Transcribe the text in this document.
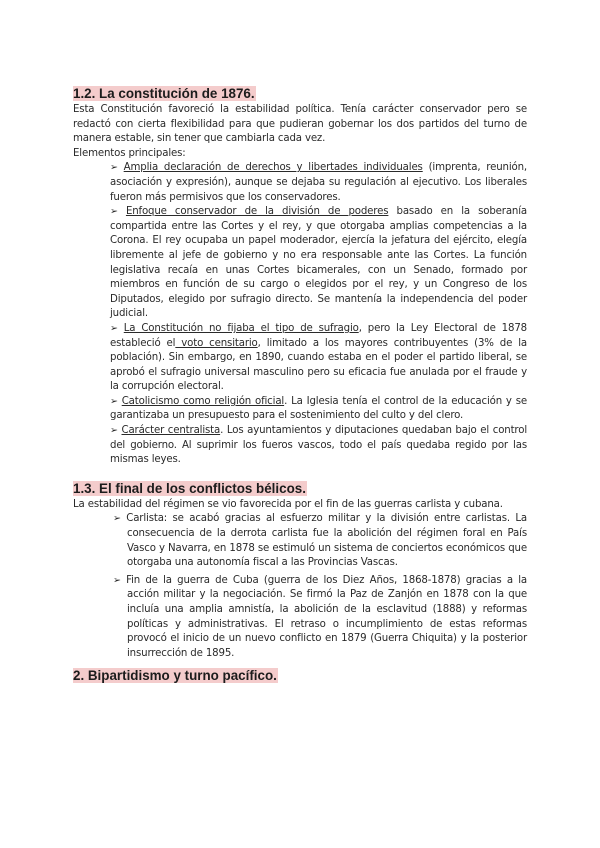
1.2. La constitución de 1876.

Esta Constitución favoreció la estabilidad política. Tenía carácter conservador pero se redactó con cierta flexibilidad para que pudieran gobernar los dos partidos del turno de manera estable, sin tener que cambiarla cada vez.

Elementos principales:

➢ Amplia declaración de derechos y libertades individuales (imprenta, reunión, asociación y expresión), aunque se dejaba su regulación al ejecutivo. Los liberales fueron más permisivos que los conservadores.

➢ Enfoque conservador de la división de poderes basado en la soberanía compartida entre las Cortes y el rey, y que otorgaba amplias competencias a la Corona. El rey ocupaba un papel moderador, ejercía la jefatura del ejército, elegía libremente al jefe de gobierno y no era responsable ante las Cortes. La función legislativa recaía en unas Cortes bicamerales, con un Senado, formado por miembros en función de su cargo o elegidos por el rey, y un Congreso de los Diputados, elegido por sufragio directo. Se mantenía la independencia del poder judicial.

➢ La Constitución no fijaba el tipo de sufragio, pero la Ley Electoral de 1878 estableció el voto censitario, limitado a los mayores contribuyentes (3% de la población). Sin embargo, en 1890, cuando estaba en el poder el partido liberal, se aprobó el sufragio universal masculino pero su eficacia fue anulada por el fraude y la corrupción electoral.

➢ Catolicismo como religión oficial. La Iglesia tenía el control de la educación y se garantizaba un presupuesto para el sostenimiento del culto y del clero.

➢ Carácter centralista. Los ayuntamientos y diputaciones quedaban bajo el control del gobierno. Al suprimir los fueros vascos, todo el país quedaba regido por las mismas leyes.

1.3. El final de los conflictos bélicos.

La estabilidad del régimen se vio favorecida por el fin de las guerras carlista y cubana.

➢ Carlista: se acabó gracias al esfuerzo militar y la división entre carlistas. La consecuencia de la derrota carlista fue la abolición del régimen foral en País Vasco y Navarra, en 1878 se estimuló un sistema de conciertos económicos que otorgaba una autonomía fiscal a las Provincias Vascas.

➢ Fin de la guerra de Cuba (guerra de los Diez Años, 1868-1878) gracias a la acción militar y la negociación. Se firmó la Paz de Zanjón en 1878 con la que incluía una amplia amnistía, la abolición de la esclavitud (1888) y reformas políticas y administrativas. El retraso o incumplimiento de estas reformas provocó el inicio de un nuevo conflicto en 1879 (Guerra Chiquita) y la posterior insurrección de 1895.

2. Bipartidismo y turno pacífico.
